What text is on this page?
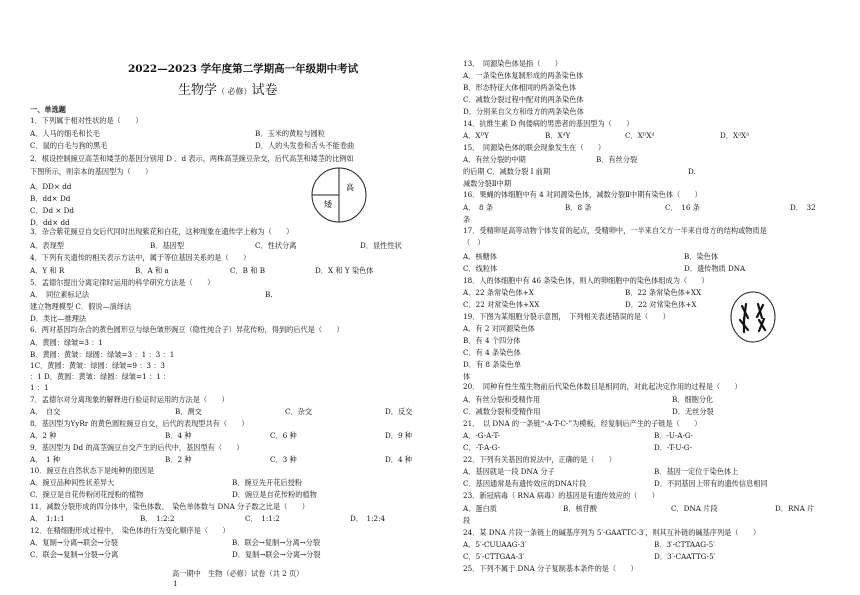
2022—2023 学年度第二学期高一年级期中考试
生物学（ 必修）试卷
一、单选题
1．下列属于相对性状的是（　　）
A．人马的细毛和长毛	B．玉米的黄粒与圆粒
C．鼠的白毛与狗的黑毛	D．人的头发卷和舌头不能卷曲
2．根设控制豌豆高茎和矮茎的基因分别用 D 、d 表示，两株高茎豌豆杂交，后代高茎和矮茎的比例如
下图所示，则亲本的基因型为（　　）
A．DD× dd
B．dd× Dd
C．Dd × Dd
D．dd× dd
3．杂合紫花豌豆自交后代同时出现紫花和白花，这种现象在遗传学上称为（　　）
A．表现型	B．基因型	C．性状分离	D．显性性状
4．下列有关遗传的相关表示方法中，属于等位基因关系的是（　　）
A．Y 和 R	B．A 和 a	C．B 和 B	D．X 和 Y 染色体
5．孟德尔提出分离定律时运用的科学研究方法是（　　）
A．　同位素标记法	B.
建立物理模型 C．假说—演绎法
D．类比—推理法
6．两对基因均杂合的黄色圆形豆与绿色皱形豌豆（隐性纯合子）异花传粉，得到的后代是（　　）
A．黄圆：绿皱=3 ：1
B．黄圆：黄皱：绿圆：绿皱=3 ：1 ：3 ：1
1C．黄圆：黄皱：绿圆：绿皱=9 ：3 ：3
：1 D．黄圆：黄皱：绿圆：绿皱=1 ：1 ：
1 ：1
7．孟德尔对分离现象的解释进行验证时运用的方法是（　　）
A．　自交	B．测交	C．杂交	D．反交
8．基因型为YyRr 的黄色圆粒豌豆自交，后代的表现型共有（　　）
A．2 种	B．4 种	C．6 种	D．9 种
9．基因型为 Dd 的高茎豌豆自交产生的后代中，基因型有（　　）
A．　1 种	B．2 种	C．3 种	D．4 种
10．豌豆在自然状态下是纯种的原因是
A．豌豆品种间性状差异大	B．豌豆先开花后授粉
C．豌豆是自花传粉闭花授粉的植物	D．豌豆是自花传粉的植物
11．减数分裂形成的四分体中，染色体数、　染色单体数与 DNA 分子数之比是（　　）
A．　1:1:1	B．　1:2:2	C．　1:1:2	D．　1:2:4
12．在精细胞形成过程中，　染色体的行为变化顺序是（　　）
A．复制→分离→联会→分裂	B．联会→复制→分离→分裂
C．联会→复制→分裂→分离	D．复制→联会→分离→分裂
13．　同源染色体是指（　　）
A．一条染色体复制形成的两条染色体
B．形态特征大体相同的两条染色体
C．减数分裂过程中配对的两条染色体
D．分别来自父方和母方的两条染色体
14．抗维生素 D 佝偻病的男患者的基因型为（　　）
A．XᴰY	B．XᵈY	C．XᴰXᵈ	D．XᵈXᵈ
15．　同源染色体的联会现象发生在（　　）
A．有丝分裂的中期	B．有丝分裂
的后期 C．减数分裂 I 前期	D.
减数分裂Ⅱ中期
16．果蝇的体细胞中有 4 对同源染色体，减数分裂Ⅱ中期有染色体（　　）
A．　8 条	B．8 条	C．　16 条	D．　32
条
17．受精卵是高等动物个体发育的起点，受精卵中，一半来自父方一半来自母方的结构或物质是
（　）
A．核糖体	B．染色体
C．线粒体	D．遗传物质 DNA
18．人的体细胞中有 46 条染色体，则人的卵细胞中的染色体组成为（　　）
A．22 条常染色体+X	B．22 条常染色体+XX
C．22 对常染色体+XX	D．22 对常染色体+X
19．下图为某细胞分裂示意图，　下列相关表述错误的是（　　）
A．有 2 对同源染色体
B．有 4 个四分体
C．有 4 条染色体
D．有 8 条染色单
体
20．　同种有性生殖生物前后代染色体数目是相同的，对此起决定作用的过程是（　　）
A．有丝分裂和受精作用	B．细胞分化
C．减数分裂和受精作用	D．无丝分裂
21．　以 DNA 的一条链“-A-T-C-”为模板，经复制后产生的子链是（　　）
A．-G-A-T-	B．-U-A-G-
C．-T-A-G-	D．-T-U-G-
22．下列有关基因的说法中，正确的是（　　）
A．基因就是一段 DNA 分子	B．基因一定位于染色体上
C．基因通常是有遗传效应的DNA片段	D．不同基因上带有的遗传信息相同
23．新冠病毒（ RNA 病毒）的基因是有遗传效应的（　　）
A．蛋白质	B．核苷酸	C．DNA 片段	D．RNA 片
段
24．某 DNA 片段一条链上的碱基序列为 5′-GAATTC-3′，则其互补链的碱基序列是（　　）
A．5′-CUUAAG-3′	B．3′-CTTAAG-5′
C．5′-CTTGAA-3′	D．3′-CAATTG-5′
25．下列不属于 DNA 分子复制基本条件的是（　　）
高
矮
高一期中　生物（必修）试卷（共 2 页）
1
